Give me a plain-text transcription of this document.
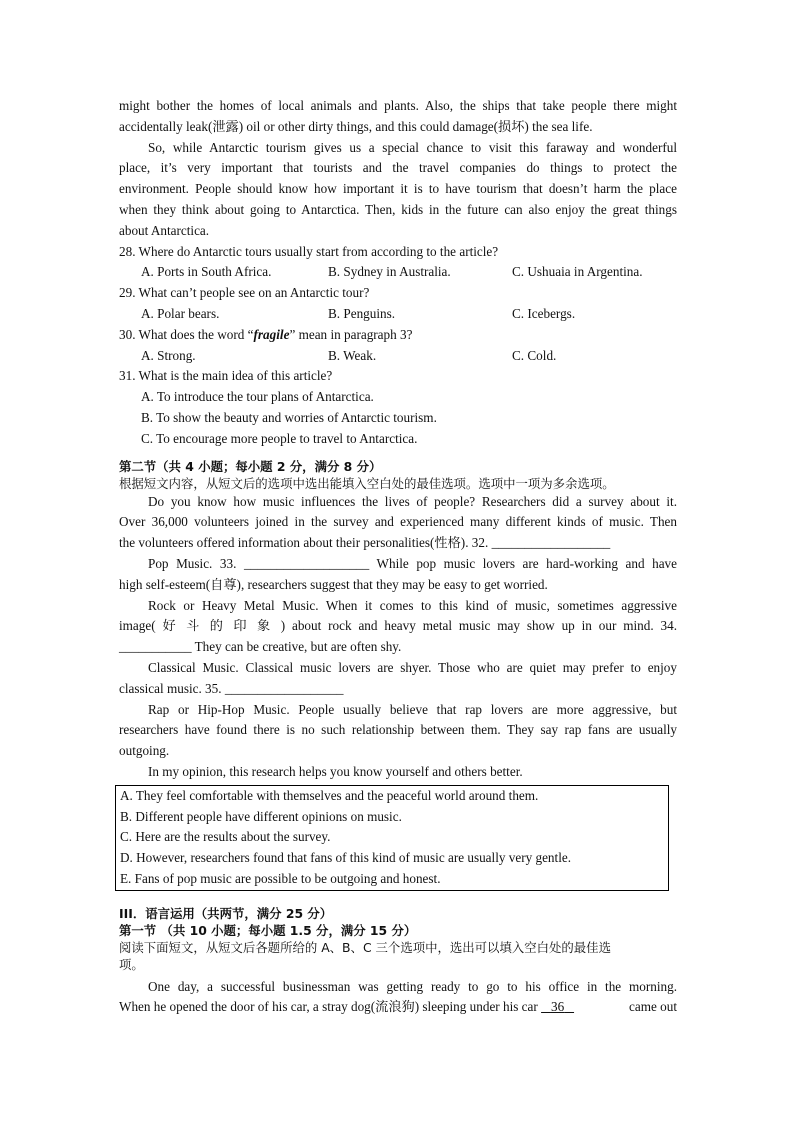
might bother the homes of local animals and plants. Also, the ships that take people there might
accidentally leak(泄露) oil or other dirty things, and this could damage(损坏) the sea life.
So, while Antarctic tourism gives us a special chance to visit this faraway and wonderful
place, it’s very important that tourists and the travel companies do things to protect the
environment. People should know how important it is to have tourism that doesn’t harm the place
when they think about going to Antarctica. Then, kids in the future can also enjoy the great things
about Antarctica.
28. Where do Antarctic tours usually start from according to the article?
A. Ports in South Africa.	B. Sydney in Australia.	C. Ushuaia in Argentina.
29. What can’t people see on an Antarctic tour?
A. Polar bears.	B. Penguins.	C. Icebergs.
30. What does the word “fragile” mean in paragraph 3?
A. Strong.	B. Weak.	C. Cold.
31. What is the main idea of this article?
A. To introduce the tour plans of Antarctica.
B. To show the beauty and worries of Antarctic tourism.
C. To encourage more people to travel to Antarctica.
第二节（共 4 小题；每小题 2 分，满分 8 分）
根据短文内容，从短文后的选项中选出能填入空白处的最佳选项。选项中一项为多余选项。
Do you know how music influences the lives of people? Researchers did a survey about it.
Over 36,000 volunteers joined in the survey and experienced many different kinds of music. Then
the volunteers offered information about their personalities(性格). 32. __________________
Pop Music. 33. ___________________ While pop music lovers are hard-working and have
high self-esteem(自尊), researchers suggest that they may be easy to get worried.
Rock or Heavy Metal Music. When it comes to this kind of music, sometimes aggressive
image( 好 斗 的 印 象 ) about rock and heavy metal music may show up in our mind. 34.
___________ They can be creative, but are often shy.
Classical Music. Classical music lovers are shyer. Those who are quiet may prefer to enjoy
classical music. 35. __________________
Rap or Hip-Hop Music. People usually believe that rap lovers are more aggressive, but
researchers have found there is no such relationship between them. They say rap fans are usually
outgoing.
In my opinion, this research helps you know yourself and others better.
A. They feel comfortable with themselves and the peaceful world around them.
B. Different people have different opinions on music.
C. Here are the results about the survey.
D. However, researchers found that fans of this kind of music are usually very gentle.
E. Fans of pop music are possible to be outgoing and honest.
III．语言运用（共两节，满分 25 分）
第一节 （共 10 小题；每小题 1.5 分，满分 15 分）
阅读下面短文，从短文后各题所给的 A、B、C 三个选项中，选出可以填入空白处的最佳选
项。
One day, a successful businessman was getting ready to go to his office in the morning.
When he opened the door of his car, a stray dog(流浪狗) sleeping under his car    36	came out
